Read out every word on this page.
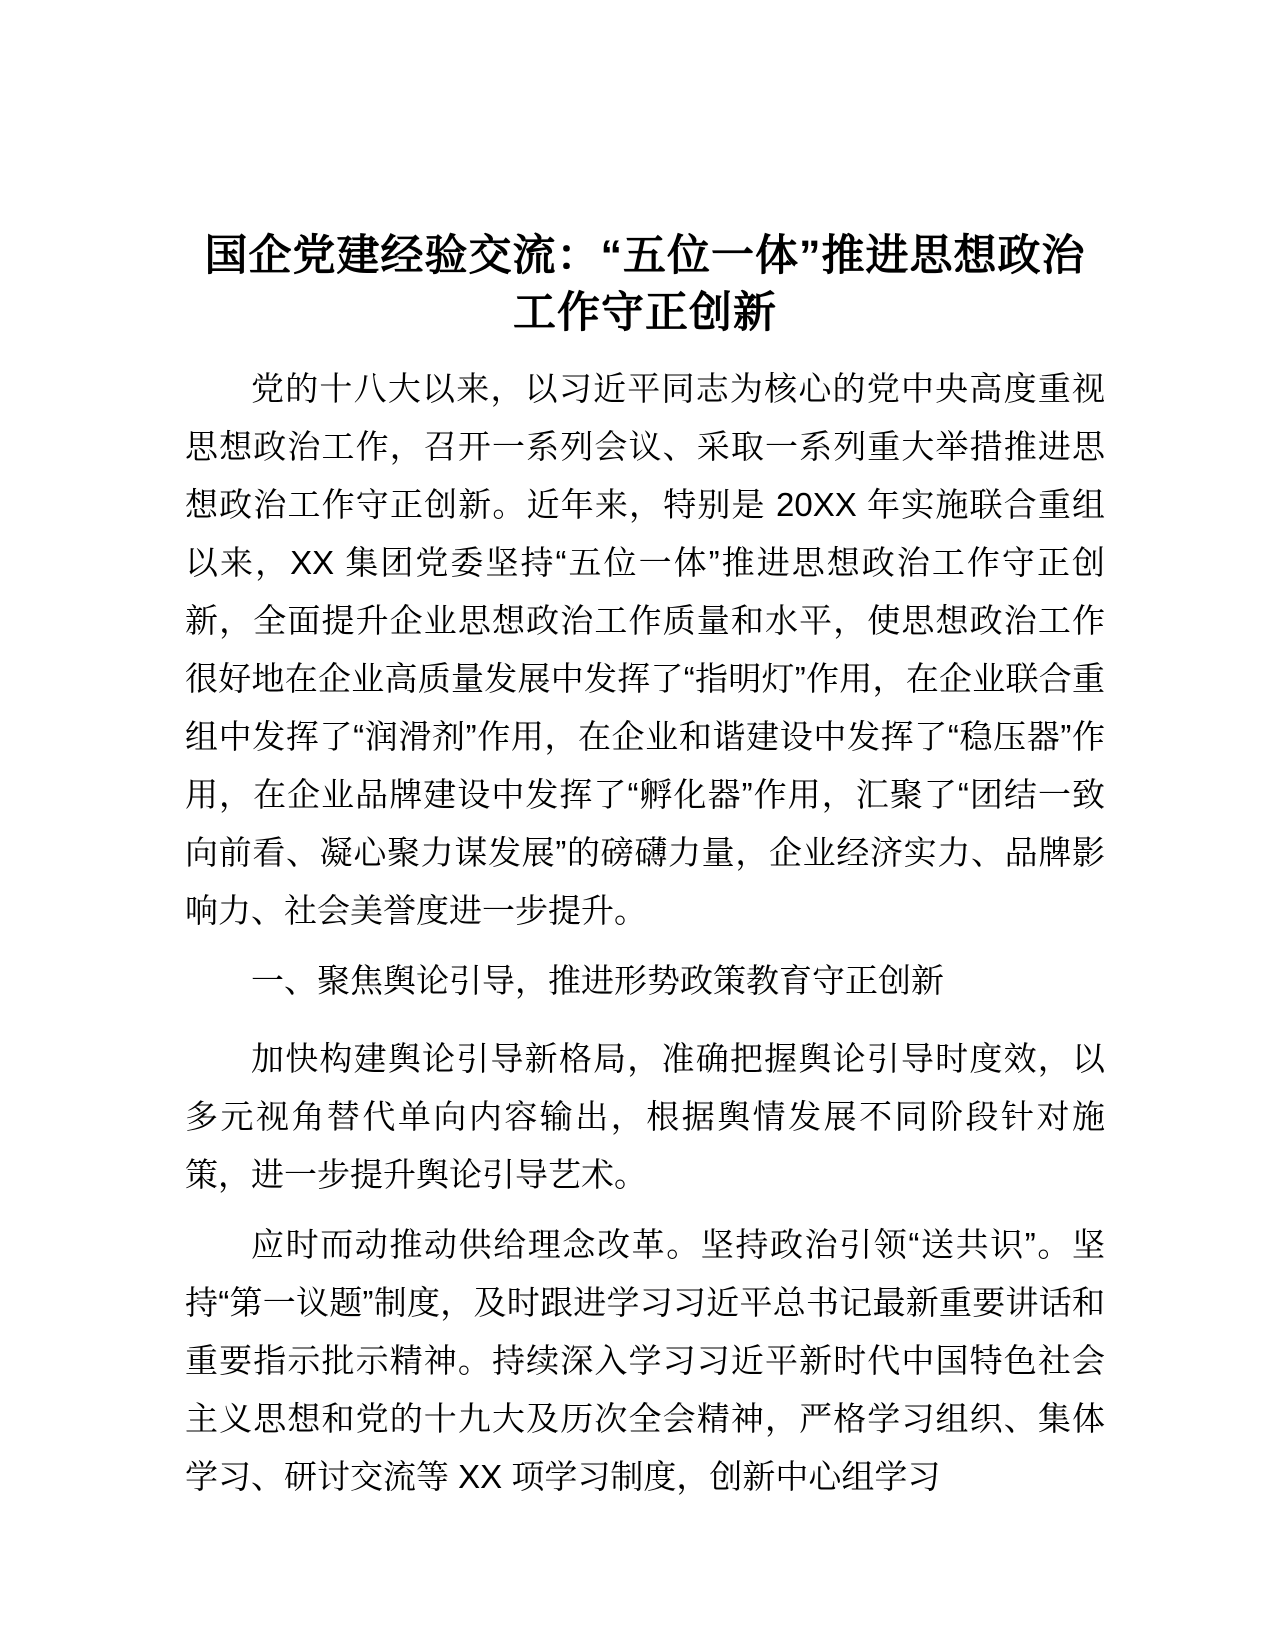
国企党建经验交流：“五位一体”推进思想政治工作守正创新

党的十八大以来，以习近平同志为核心的党中央高度重视思想政治工作，召开一系列会议、采取一系列重大举措推进思想政治工作守正创新。近年来，特别是 20XX 年实施联合重组以来，XX 集团党委坚持“五位一体”推进思想政治工作守正创新，全面提升企业思想政治工作质量和水平，使思想政治工作很好地在企业高质量发展中发挥了“指明灯”作用，在企业联合重组中发挥了“润滑剂”作用，在企业和谐建设中发挥了“稳压器”作用，在企业品牌建设中发挥了“孵化器”作用，汇聚了“团结一致向前看、凝心聚力谋发展”的磅礴力量，企业经济实力、品牌影响力、社会美誉度进一步提升。

一、聚焦舆论引导，推进形势政策教育守正创新

加快构建舆论引导新格局，准确把握舆论引导时度效，以多元视角替代单向内容输出，根据舆情发展不同阶段针对施策，进一步提升舆论引导艺术。

应时而动推动供给理念改革。坚持政治引领“送共识”。坚持“第一议题”制度，及时跟进学习习近平总书记最新重要讲话和重要指示批示精神。持续深入学习习近平新时代中国特色社会主义思想和党的十九大及历次全会精神，严格学习组织、集体学习、研讨交流等 XX 项学习制度，创新中心组学习
